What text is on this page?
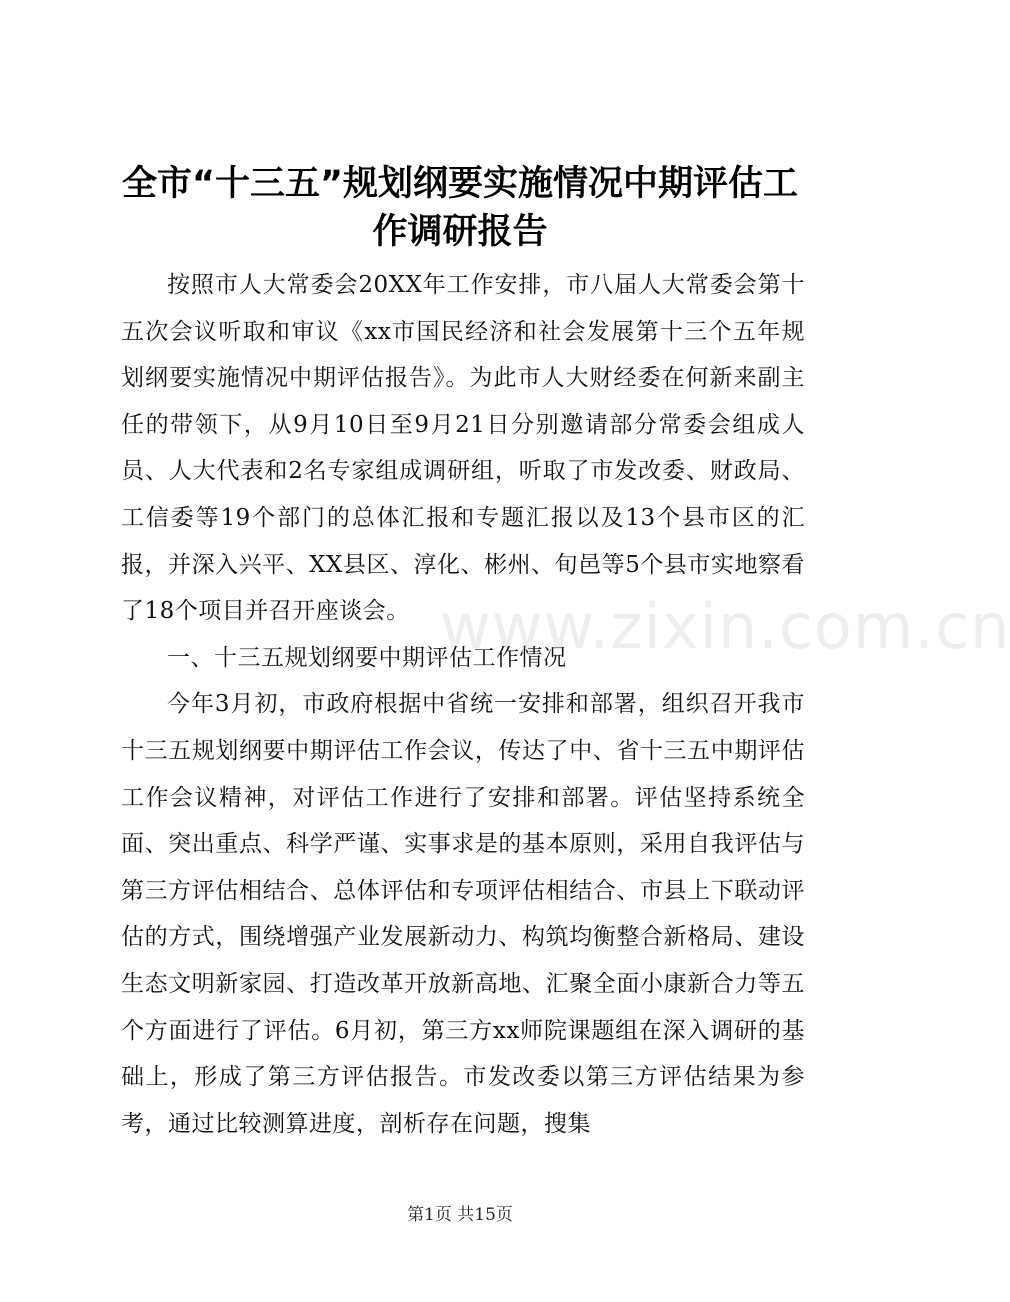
全市“十三五”规划纲要实施情况中期评估工作调研报告

按照市人大常委会20XX年工作安排，市八届人大常委会第十五次会议听取和审议《xx市国民经济和社会发展第十三个五年规划纲要实施情况中期评估报告》。为此市人大财经委在何新来副主任的带领下，从9月10日至9月21日分别邀请部分常委会组成人员、人大代表和2名专家组成调研组，听取了市发改委、财政局、工信委等19个部门的总体汇报和专题汇报以及13个县市区的汇报，并深入兴平、XX县区、淳化、彬州、旬邑等5个县市实地察看了18个项目并召开座谈会。

一、十三五规划纲要中期评估工作情况

今年3月初，市政府根据中省统一安排和部署，组织召开我市十三五规划纲要中期评估工作会议，传达了中、省十三五中期评估工作会议精神，对评估工作进行了安排和部署。评估坚持系统全面、突出重点、科学严谨、实事求是的基本原则，采用自我评估与第三方评估相结合、总体评估和专项评估相结合、市县上下联动评估的方式，围绕增强产业发展新动力、构筑均衡整合新格局、建设生态文明新家园、打造改革开放新高地、汇聚全面小康新合力等五个方面进行了评估。6月初，第三方xx师院课题组在深入调研的基础上，形成了第三方评估报告。市发改委以第三方评估结果为参考，通过比较测算进度，剖析存在问题，搜集

www.zixin.com.cn
第1页 共15页
